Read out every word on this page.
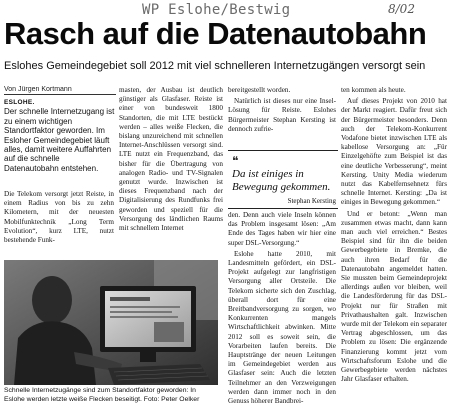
WP Eslohe/Bestwig	8/02
Rasch auf die Datenautobahn
Eslohes Gemeindegebiet soll 2012 mit viel schnelleren Internetzugängen versorgt sein
Von Jürgen Kortmann
ESLOHE.
Der schnelle Internetzugang ist zu einem wichtigen Standortfaktor geworden. Im Esloher Gemeindegebiet läuft alles, damit weitere Auffahrten auf die schnelle Datenautobahn entstehen.

Die Telekom versorgt jetzt Reiste, in einem Radius von bis zu zehn Kilometern, mit der neuesten Mobilfunktechnik „Long Term Evolution“, kurz LTE, nutzt bestehende Funk-

masten, der Ausbau ist deutlich günstiger als Glasfaser. Reiste ist einer von bundesweit 1800 Standorten, die mit LTE bestückt werden – alles weiße Flecken, die bislang unzureichend mit schnellen Internet-Anschlüssen versorgt sind. LTE nutzt ein Frequenzband, das bisher für die Übertragung von analogen Radio- und TV-Signalen genutzt wurde. Inzwischen ist dieses Frequenzband nach der Digitalisierung des Rundfunks frei geworden und speziell für die Versorgung des ländlichen Raums mit schnellem Internet

bereitgestellt worden.

Natürlich ist dieses nur eine Insel-Lösung für Reiste. Eslohes Bürgermeister Stephan Kersting ist dennoch zufrie-

❝
Da ist einiges in Bewegung gekommen.
Stephan Kersting

den. Denn auch viele Inseln können das Problem insgesamt lösen: „Am Ende des Tages haben wir hier eine super DSL-Versorgung.“

Eslohe hatte 2010, mit Landesmitteln gefördert, ein DSL-Projekt aufgelegt zur langfristigen Versorgung aller Ortsteile. Die Telekom sicherte sich den Zuschlag, überall dort für eine Breitbandversorgung zu sorgen, wo Konkurrenten mangels Wirtschaftlichkeit abwinken. Mitte 2012 soll es soweit sein, die Vorarbeiten laufen bereits. Die Hauptstränge der neuen Leitungen im Gemeindegebiet werden aus Glasfaser sein: Auch die letzten Teilnehmer an den Verzweigungen werden dann immer noch in den Genuss höherer Bandbrei-

ten kommen als heute.

Auf dieses Projekt von 2010 hat der Markt reagiert. Dafür freut sich der Bürgermeister besonders. Denn auch der Telekom-Konkurrent Vodafone bietet inzwischen LTE als kabellose Versorgung an: „Für Einzelgehöfte zum Beispiel ist das eine deutliche Verbesserung“, meint Kersting. Unity Media wiederum nutzt das Kabelfernsehnetz fürs schnelle Internet. Kersting: „Da ist einiges in Bewegung gekommen.“

Und er betont: „Wenn man zusammen etwas macht, dann kann man auch viel erreichen.“ Bestes Beispiel sind für ihn die beiden Gewerbegebiete in Bremke, die auch ihren Bedarf für die Datenautobahn angemeldet hatten. Sie mussten beim Gemeindeprojekt allerdings außen vor bleiben, weil die Landesförderung für das DSL-Projekt nur für Straßen mit Privathaushalten galt. Inzwischen wurde mit der Telekom ein separater Vertrag abgeschlossen, um das Problem zu lösen: Die ergänzende Finanzierung kommt jetzt vom Wirtschaftsforum Eslohe und die Gewerbegebiete werden nächstes Jahr Glasfaser erhalten.

Schnelle Internetzugänge sind zum Standortfaktor geworden: In Eslohe werden letzte weiße Flecken beseitigt. Foto: Peter Oelker
